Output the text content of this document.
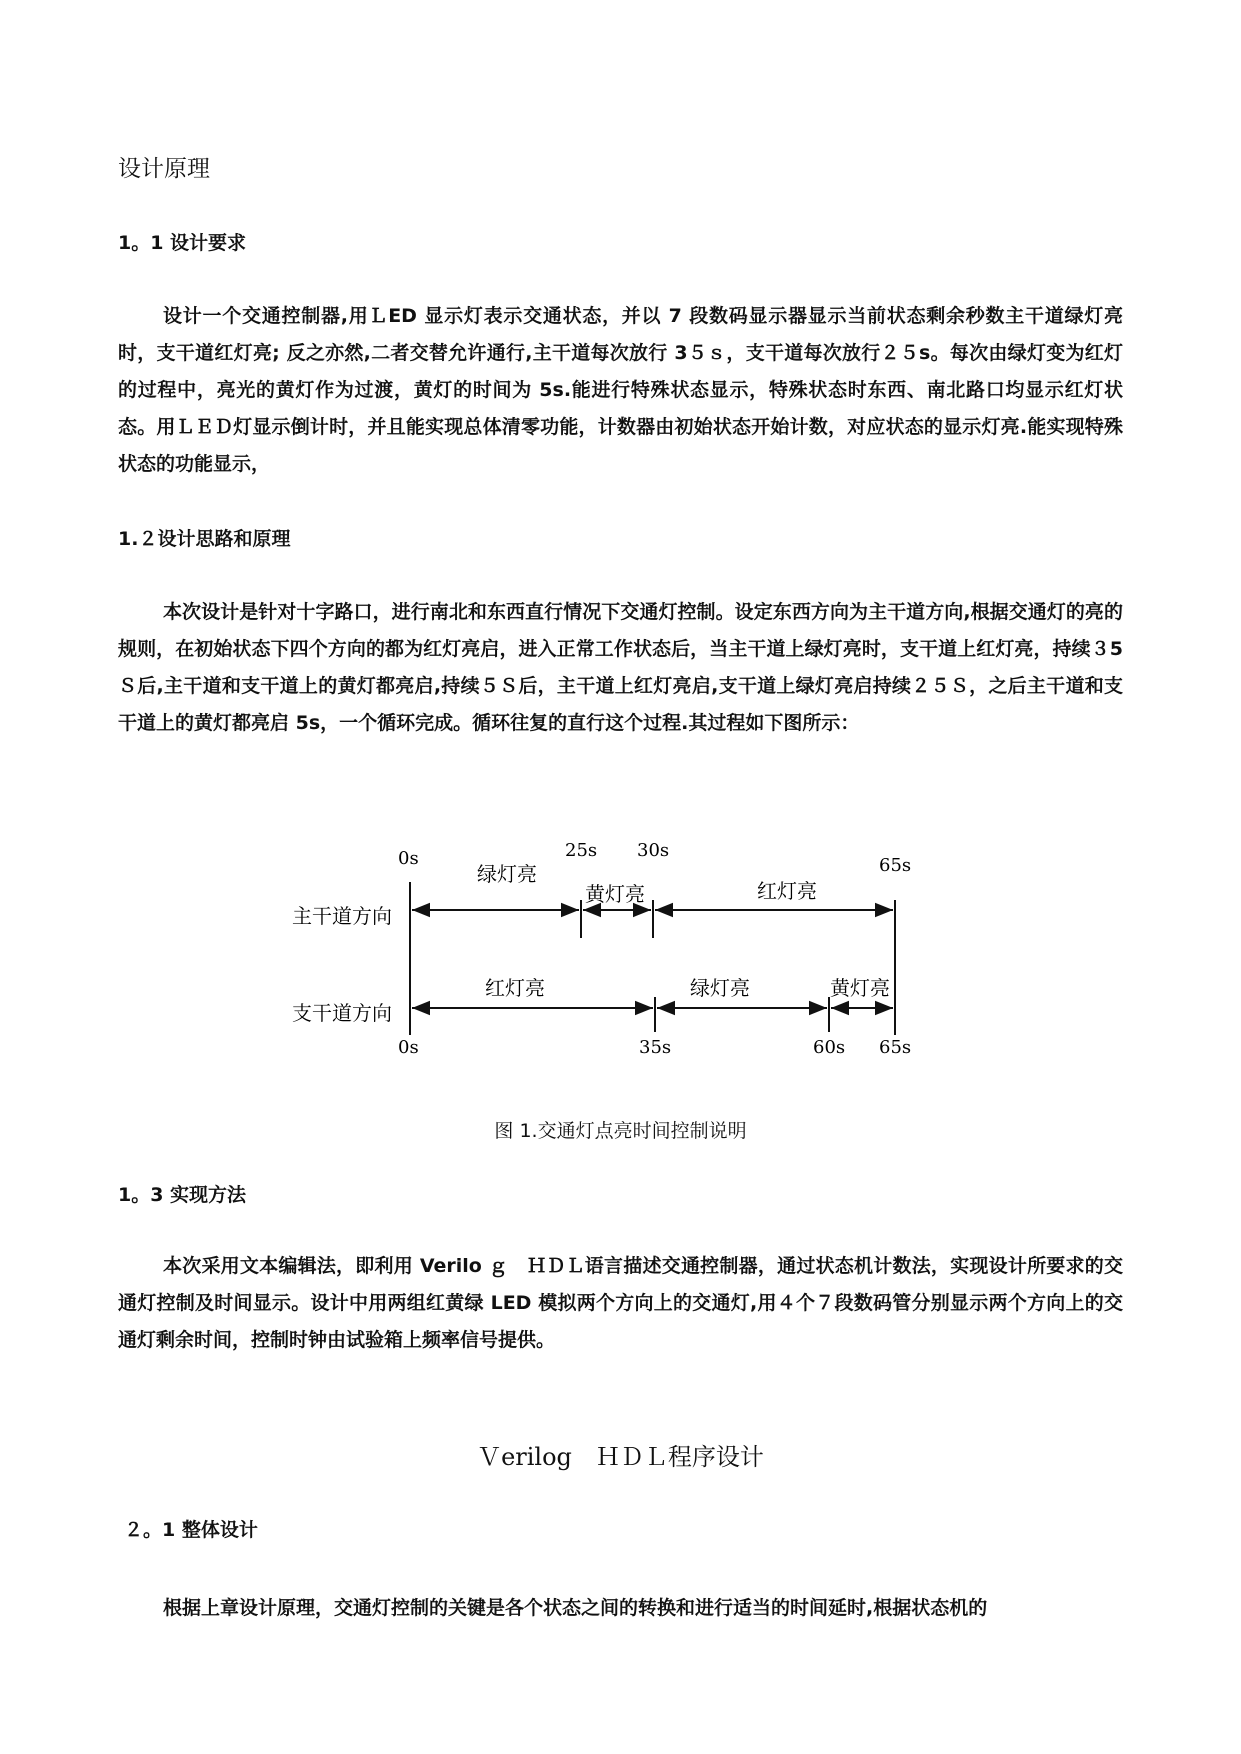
设计原理
1。1 设计要求
设计一个交通控制器,用ＬED 显示灯表示交通状态，并以 7 段数码显示器显示当前状态剩余秒数主干道绿灯亮时，支干道红灯亮; 反之亦然,二者交替允许通行,主干道每次放行 3５ｓ，支干道每次放行２５s。每次由绿灯变为红灯的过程中，亮光的黄灯作为过渡，黄灯的时间为 5s.能进行特殊状态显示，特殊状态时东西、南北路口均显示红灯状态。用ＬＥＤ灯显示倒计时，并且能实现总体清零功能，计数器由初始状态开始计数，对应状态的显示灯亮.能实现特殊状态的功能显示，
1.２设计思路和原理
本次设计是针对十字路口，进行南北和东西直行情况下交通灯控制。设定东西方向为主干道方向,根据交通灯的亮的规则，在初始状态下四个方向的都为红灯亮启，进入正常工作状态后，当主干道上绿灯亮时，支干道上红灯亮，持续３5Ｓ后,主干道和支干道上的黄灯都亮启,持续５Ｓ后，主干道上红灯亮启,支干道上绿灯亮启持续２５Ｓ，之后主干道和支干道上的黄灯都亮启 5s，一个循环完成。循环往复的直行这个过程.其过程如下图所示：
主干道方向
支干道方向
绿灯亮
黄灯亮	红灯亮
红灯亮	绿灯亮	黄灯亮
0s	25s 30s
65s
0s	35s	60s 65s
图 1.交通灯点亮时间控制说明
1。3 实现方法
本次采用文本编辑法，即利用 Verilo ｇ　ＨＤＬ语言描述交通控制器，通过状态机计数法，实现设计所要求的交通灯控制及时间显示。设计中用两组红黄绿 LED 模拟两个方向上的交通灯,用４个７段数码管分别显示两个方向上的交通灯剩余时间，控制时钟由试验箱上频率信号提供。
Ｖerilog　ＨＤＬ程序设计
２。1 整体设计
根据上章设计原理，交通灯控制的关键是各个状态之间的转换和进行适当的时间延时,根据状态机的
